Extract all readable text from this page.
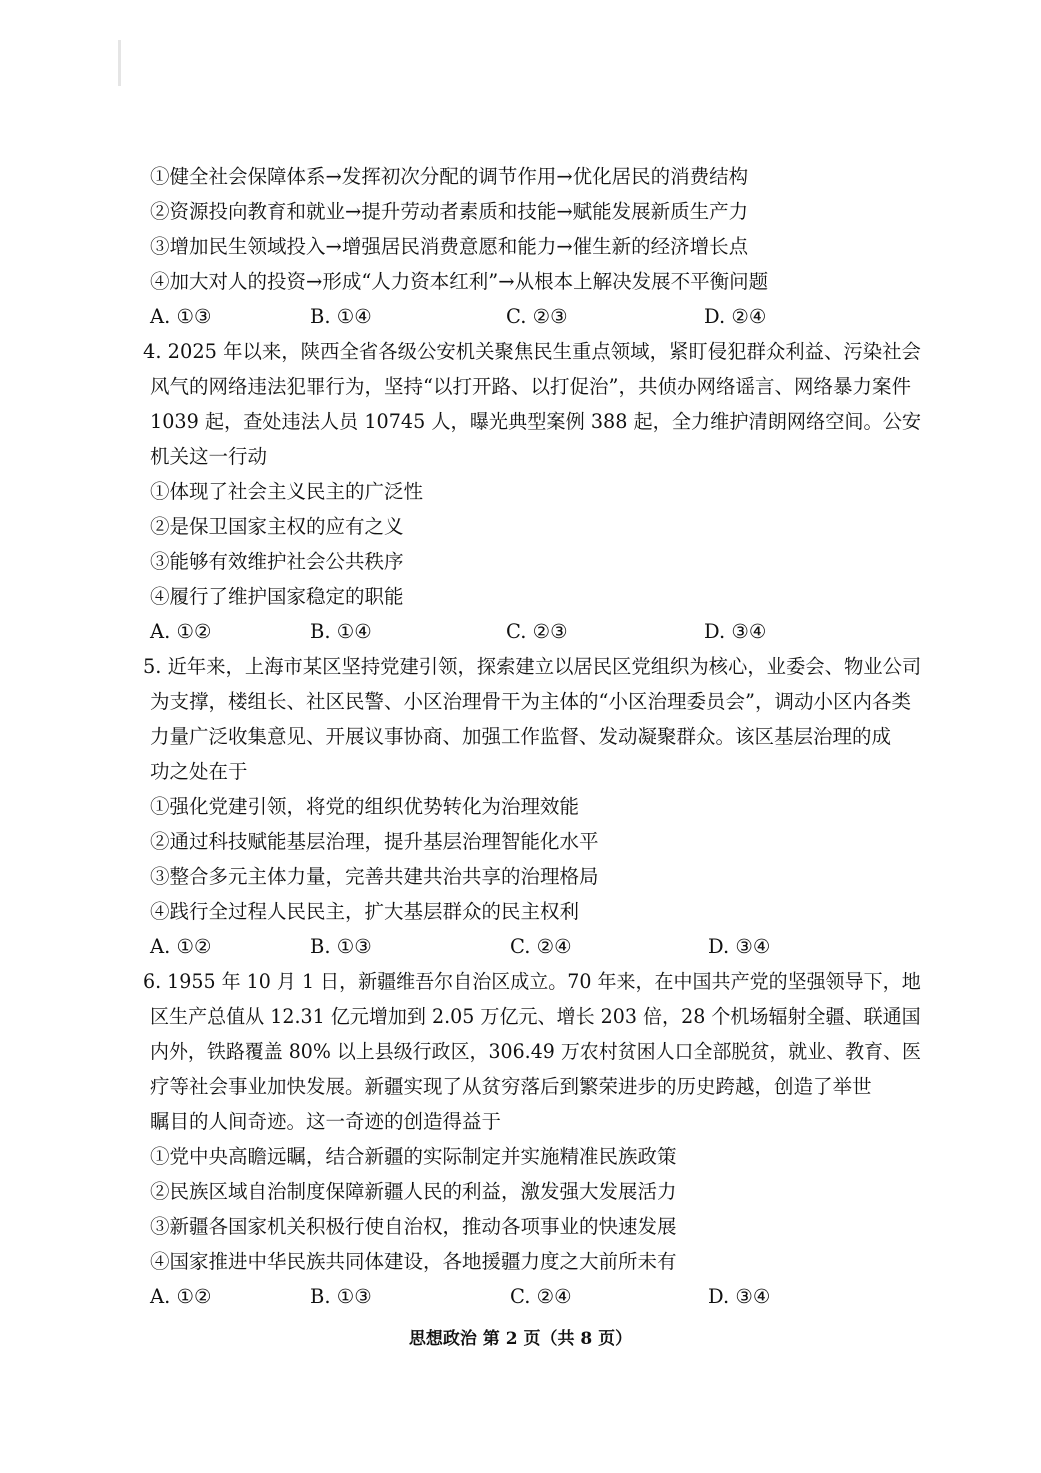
①健全社会保障体系→发挥初次分配的调节作用→优化居民的消费结构
②资源投向教育和就业→提升劳动者素质和技能→赋能发展新质生产力
③增加民生领域投入→增强居民消费意愿和能力→催生新的经济增长点
④加大对人的投资→形成“人力资本红利”→从根本上解决发展不平衡问题
A. ①③	B. ①④	C. ②③	D. ②④
4. 2025 年以来，陕西全省各级公安机关聚焦民生重点领域，紧盯侵犯群众利益、污染社会
风气的网络违法犯罪行为，坚持“以打开路、以打促治”，共侦办网络谣言、网络暴力案件
1039 起，查处违法人员 10745 人，曝光典型案例 388 起，全力维护清朗网络空间。公安
机关这一行动
①体现了社会主义民主的广泛性
②是保卫国家主权的应有之义
③能够有效维护社会公共秩序
④履行了维护国家稳定的职能
A. ①②	B. ①④	C. ②③	D. ③④
5. 近年来，上海市某区坚持党建引领，探索建立以居民区党组织为核心，业委会、物业公司
为支撑，楼组长、社区民警、小区治理骨干为主体的“小区治理委员会”，调动小区内各类
力量广泛收集意见、开展议事协商、加强工作监督、发动凝聚群众。该区基层治理的成
功之处在于
①强化党建引领，将党的组织优势转化为治理效能
②通过科技赋能基层治理，提升基层治理智能化水平
③整合多元主体力量，完善共建共治共享的治理格局
④践行全过程人民民主，扩大基层群众的民主权利
A. ①②	B. ①③	C. ②④	D. ③④
6. 1955 年 10 月 1 日，新疆维吾尔自治区成立。70 年来，在中国共产党的坚强领导下，地
区生产总值从 12.31 亿元增加到 2.05 万亿元、增长 203 倍，28 个机场辐射全疆、联通国
内外，铁路覆盖 80% 以上县级行政区，306.49 万农村贫困人口全部脱贫，就业、教育、医
疗等社会事业加快发展。新疆实现了从贫穷落后到繁荣进步的历史跨越，创造了举世
瞩目的人间奇迹。这一奇迹的创造得益于
①党中央高瞻远瞩，结合新疆的实际制定并实施精准民族政策
②民族区域自治制度保障新疆人民的利益，激发强大发展活力
③新疆各国家机关积极行使自治权，推动各项事业的快速发展
④国家推进中华民族共同体建设，各地援疆力度之大前所未有
A. ①②	B. ①③	C. ②④	D. ③④
思想政治 第 2 页（共 8 页）
